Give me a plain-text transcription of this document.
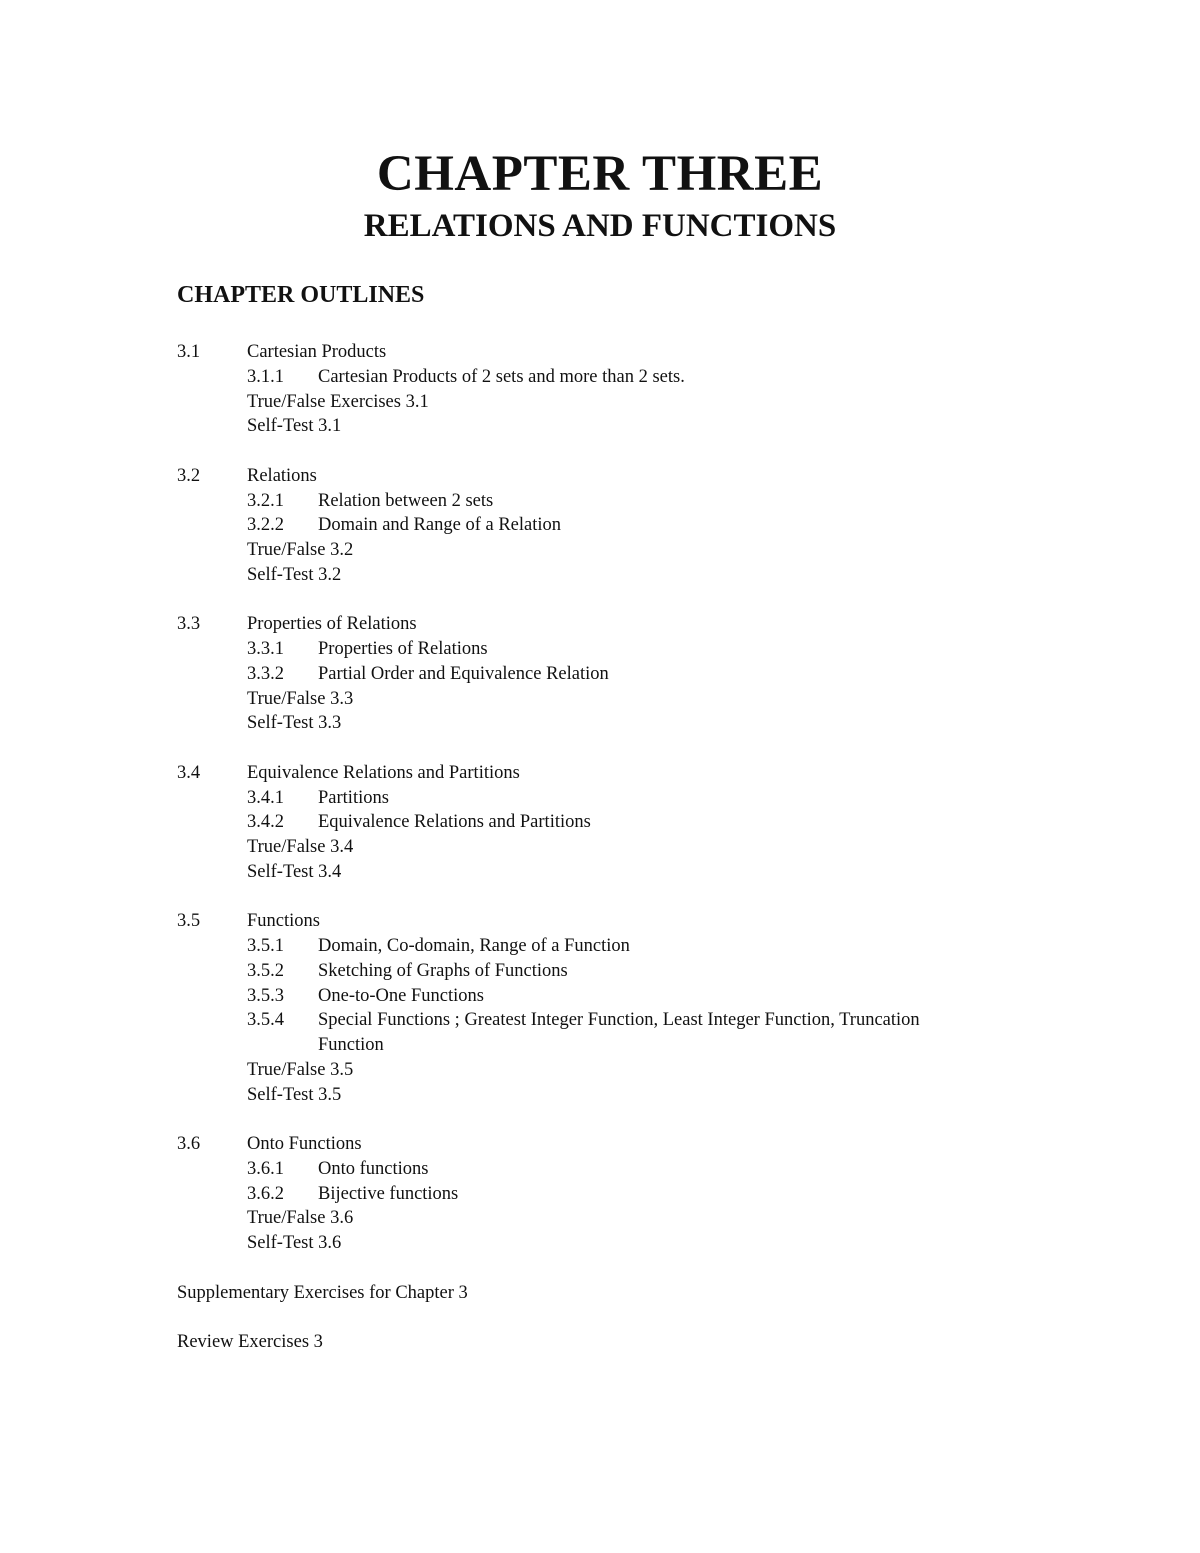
CHAPTER THREE
RELATIONS AND FUNCTIONS
CHAPTER OUTLINES
3.1	Cartesian Products
3.1.1 Cartesian Products of 2 sets and more than 2 sets.
True/False Exercises 3.1
Self-Test 3.1
3.2	Relations
3.2.1 Relation between 2 sets
3.2.2 Domain and Range of a Relation
True/False 3.2
Self-Test 3.2
3.3	Properties of Relations
3.3.1 Properties of Relations
3.3.2 Partial Order and Equivalence Relation
True/False 3.3
Self-Test 3.3
3.4	Equivalence Relations and Partitions
3.4.1 Partitions
3.4.2 Equivalence Relations and Partitions
True/False 3.4
Self-Test 3.4
3.5	Functions
3.5.1 Domain, Co-domain, Range of a Function
3.5.2 Sketching of Graphs of Functions
3.5.3 One-to-One Functions
3.5.4 Special Functions ; Greatest Integer Function, Least Integer Function, Truncation
Function
True/False 3.5
Self-Test 3.5
3.6	Onto Functions
3.6.1 Onto functions
3.6.2 Bijective functions
True/False 3.6
Self-Test 3.6
Supplementary Exercises for Chapter 3
Review Exercises 3
